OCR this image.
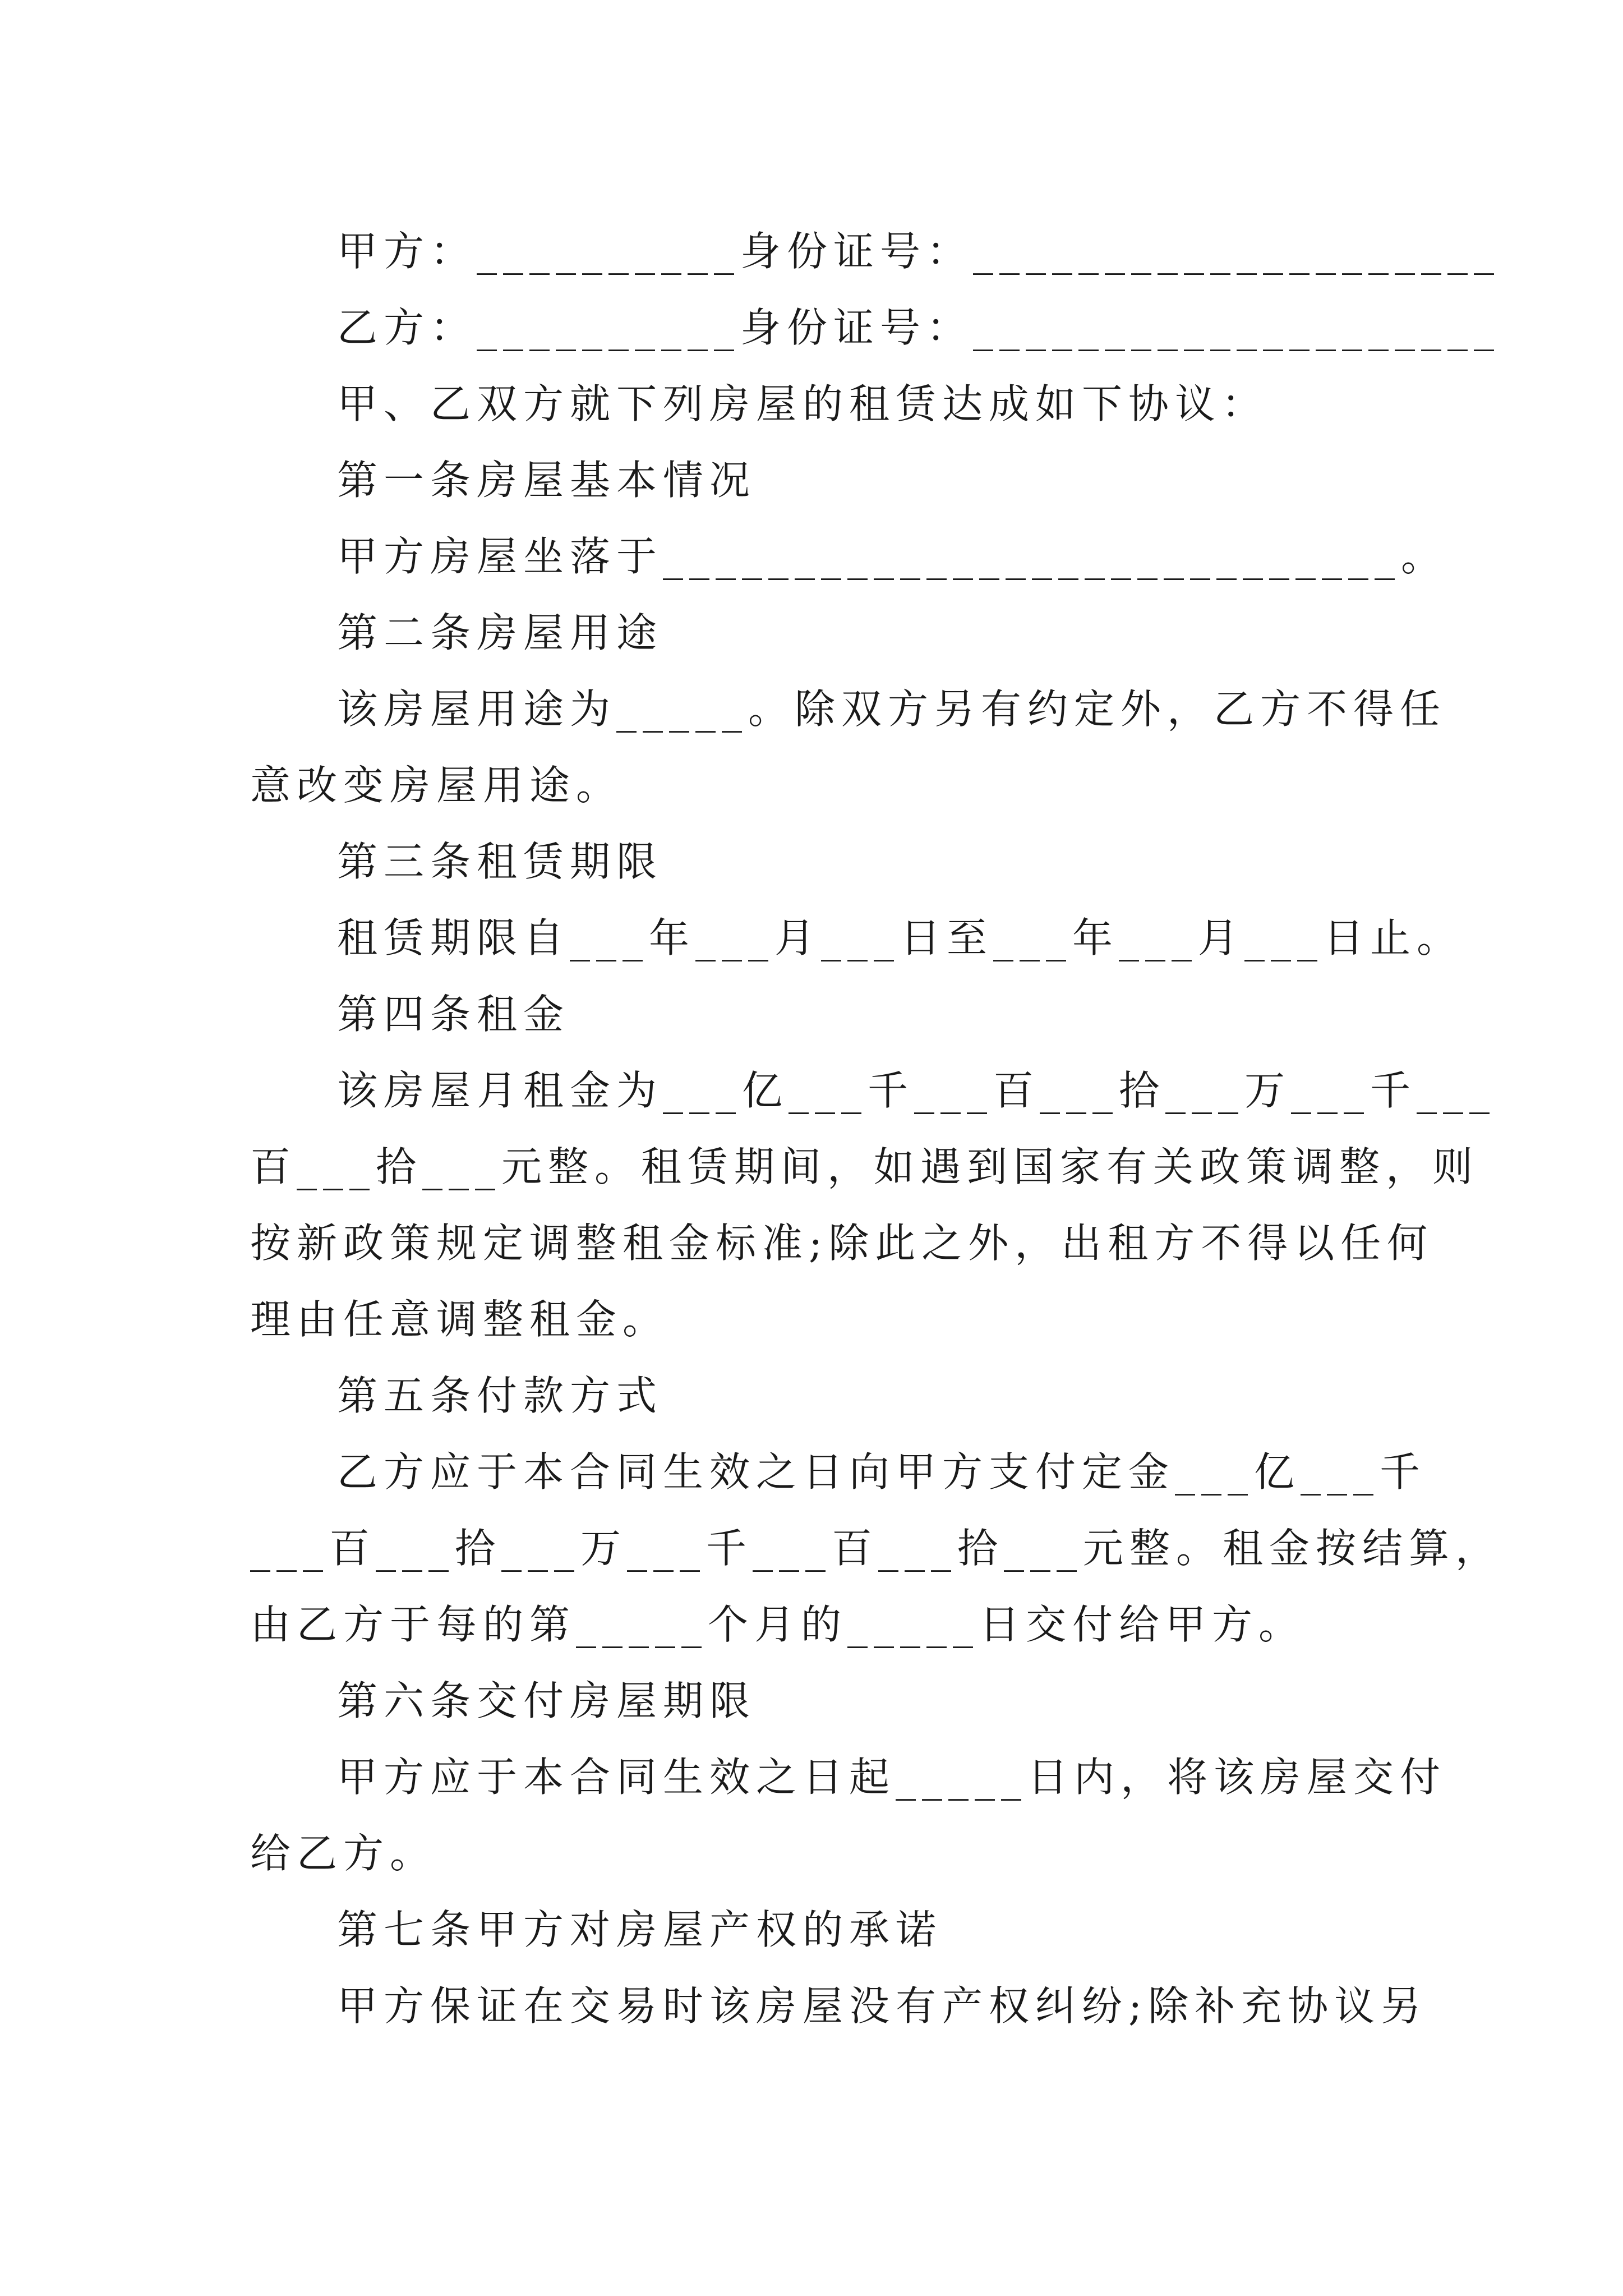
甲方：__________身份证号：____________________
乙方：__________身份证号：____________________
甲、乙双方就下列房屋的租赁达成如下协议：
第一条房屋基本情况
甲方房屋坐落于____________________________。
第二条房屋用途
该房屋用途为_____。除双方另有约定外，乙方不得任
意改变房屋用途。
第三条租赁期限
租赁期限自___年___月___日至___年___月___日止。
第四条租金
该房屋月租金为___亿___千___百___拾___万___千___
百___拾___元整。租赁期间，如遇到国家有关政策调整，则
按新政策规定调整租金标准;除此之外，出租方不得以任何
理由任意调整租金。
第五条付款方式
乙方应于本合同生效之日向甲方支付定金___亿___千
___百___拾___万___千___百___拾___元整。租金按结算，
由乙方于每的第_____个月的_____日交付给甲方。
第六条交付房屋期限
甲方应于本合同生效之日起_____日内，将该房屋交付
给乙方。
第七条甲方对房屋产权的承诺
甲方保证在交易时该房屋没有产权纠纷;除补充协议另
